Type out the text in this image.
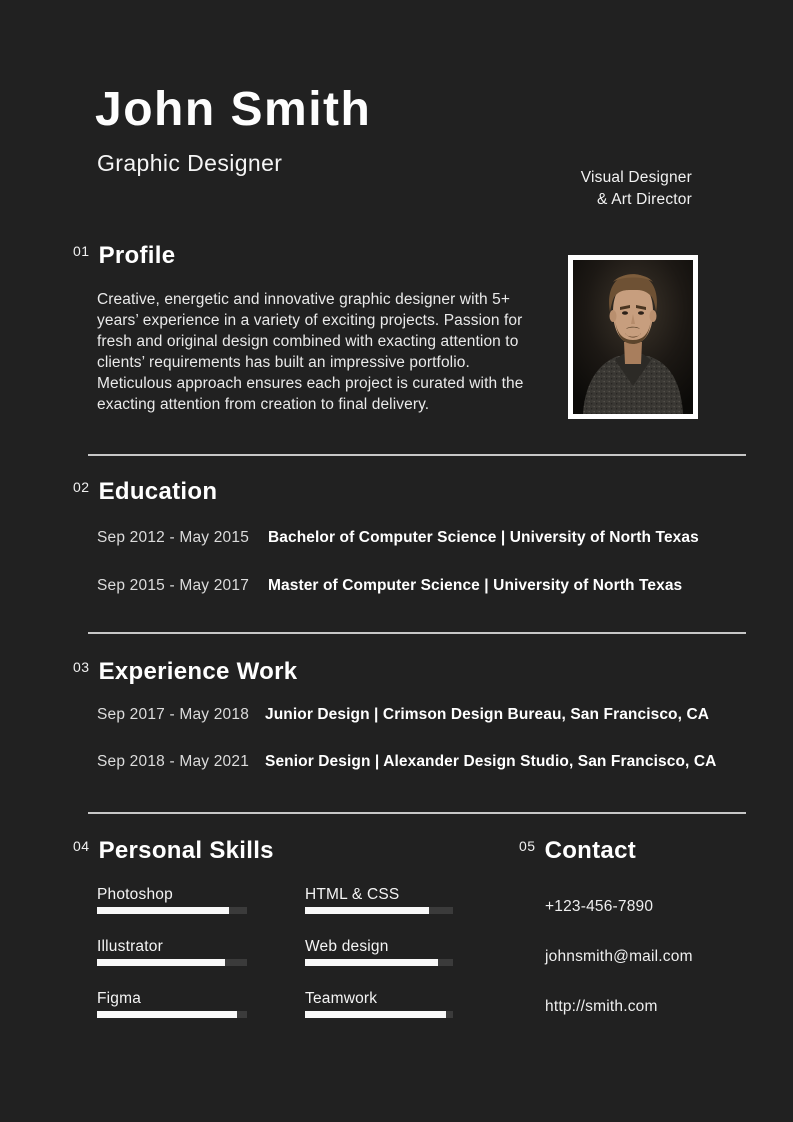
John Smith
Graphic Designer
Visual Designer
& Art Director
01 Profile
Creative, energetic and innovative graphic designer with 5+ years’ experience in a variety of exciting projects. Passion for fresh and original design combined with exacting attention to clients’ requirements has built an impressive portfolio. Meticulous approach ensures each project is curated with the exacting attention from creation to final delivery.
02 Education
Sep 2012 - May 2015	Bachelor of Computer Science | University of North Texas
Sep 2015 - May 2017	Master of Computer Science | University of North Texas
03 Experience Work
Sep 2017 - May 2018	Junior Design | Crimson Design Bureau, San Francisco, CA
Sep 2018 - May 2021	Senior Design | Alexander Design Studio, San Francisco, CA
04 Personal Skills	05 Contact
Photoshop
Illustrator
Figma
HTML & CSS
Web design
Teamwork
+123-456-7890
johnsmith@mail.com
http://smith.com
